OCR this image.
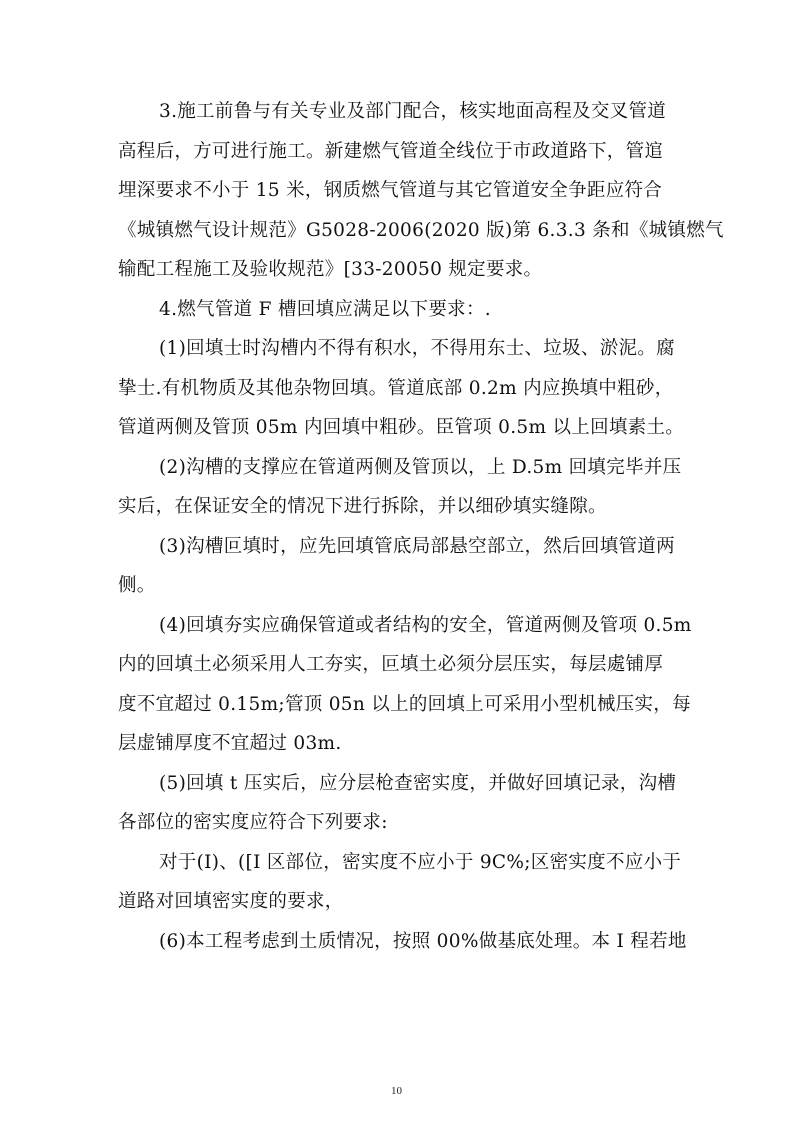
3.施工前鲁与有关专业及部门配合，核实地面高程及交叉管道
高程后，方可进行施工。新建燃气管道全线位于市政道路下，管逭
埋深要求不小于 15 米，钢质燃气管道与其它管道安全争距应符合
《城镇燃气设计规范》G5028-2006(2020 版)第 6.3.3 条和《城镇燃气
输配工程施工及验收规范》[33-20050 规定要求。
4.燃气管道 F 槽回填应满足以下要求：.
(1)回填士时沟槽内不得有积水，不得用东士、垃圾、淤泥。腐
挚士.有机物质及其他杂物回填。管道底部 0.2m 内应换填中粗砂，
管道两侧及管顶 05m 内回填中粗砂。臣管项 0.5m 以上回填素土。
(2)沟槽的支撑应在管道两侧及管顶以，上 D.5m 回填完毕并压
实后，在保证安全的情况下进行拆除，并以细砂填实缝隙。
(3)沟槽叵填时，应先回填管底局部悬空部立，然后回填管道两
侧。
(4)回填夯实应确保管道或者结构的安全，管道两侧及管项 0.5m
内的回填土必须采用人工夯实，叵填土必须分层压实，每层處铺厚
度不宜超过 0.15m;管顶 05n 以上的回填上可采用小型机械压实，每
层虚铺厚度不宜超过 03m.
(5)回填 t 压实后，应分层枪查密实度，并做好回填记录，沟槽
各部位的密实度应符合下列要求:
对于(I)、([I 区部位，密实度不应小于 9C%;区密实度不应小于
道路对回填密实度的要求，
(6)本工程考虑到土质情况，按照 00%做基底处理。本 I 程若地
10
